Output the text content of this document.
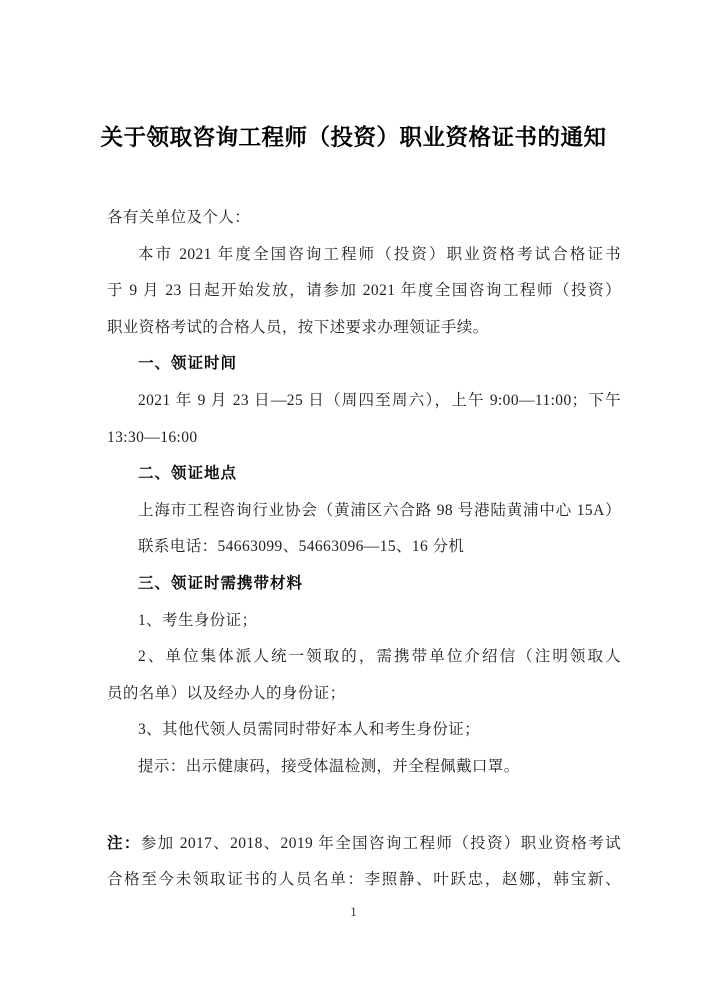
关于领取咨询工程师（投资）职业资格证书的通知
各有关单位及个人：
本市 2021 年度全国咨询工程师（投资）职业资格考试合格证书
于 9 月 23 日起开始发放，请参加 2021 年度全国咨询工程师（投资）
职业资格考试的合格人员，按下述要求办理领证手续。
一、领证时间
2021 年 9 月 23 日—25 日（周四至周六），上午 9:00—11:00；下午
13:30—16:00
二、领证地点
上海市工程咨询行业协会（黄浦区六合路 98 号港陆黄浦中心 15A）
联系电话：54663099、54663096—15、16 分机
三、领证时需携带材料
1、考生身份证；
2、单位集体派人统一领取的，需携带单位介绍信（注明领取人
员的名单）以及经办人的身份证；
3、其他代领人员需同时带好本人和考生身份证；
提示：出示健康码，接受体温检测，并全程佩戴口罩。
注：参加 2017、2018、2019 年全国咨询工程师（投资）职业资格考试
合格至今未领取证书的人员名单：李照静、叶跃忠，赵娜，韩宝新、
1
